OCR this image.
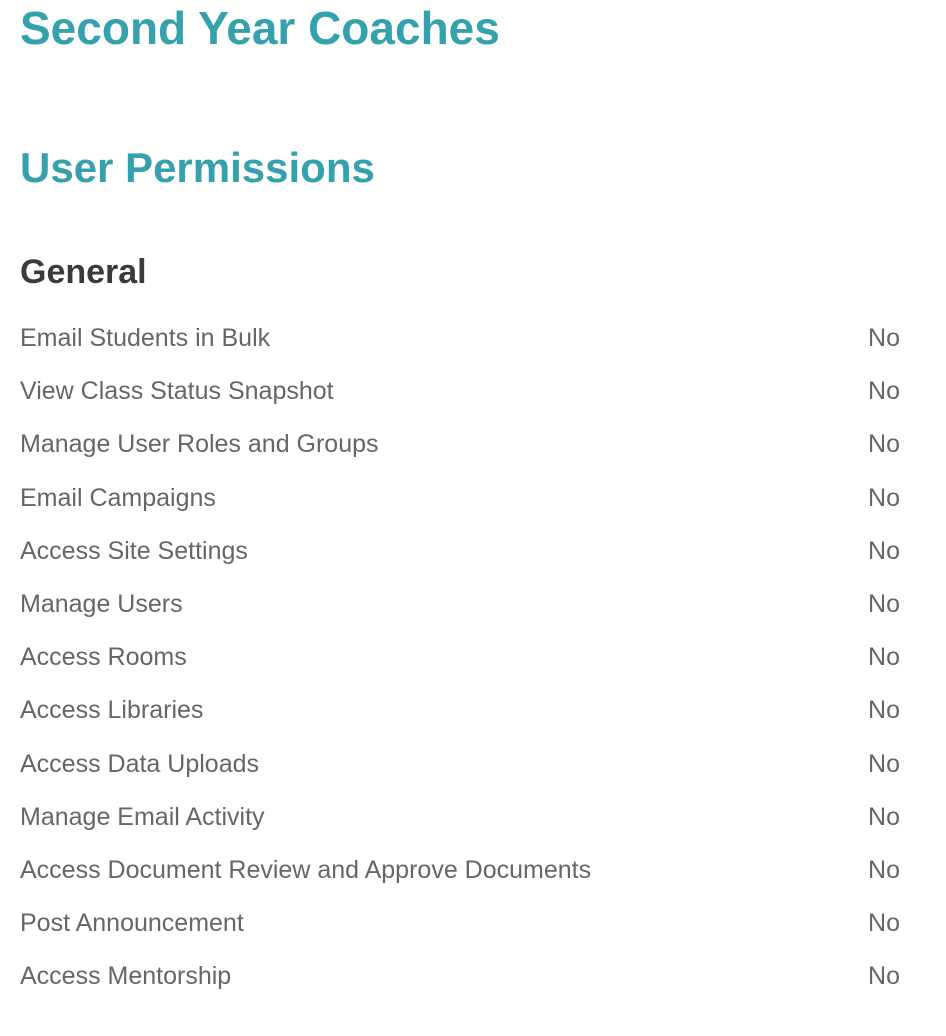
Second Year Coaches
User Permissions
General
Email Students in Bulk	No
View Class Status Snapshot	No
Manage User Roles and Groups	No
Email Campaigns	No
Access Site Settings	No
Manage Users	No
Access Rooms	No
Access Libraries	No
Access Data Uploads	No
Manage Email Activity	No
Access Document Review and Approve Documents	No
Post Announcement	No
Access Mentorship	No
